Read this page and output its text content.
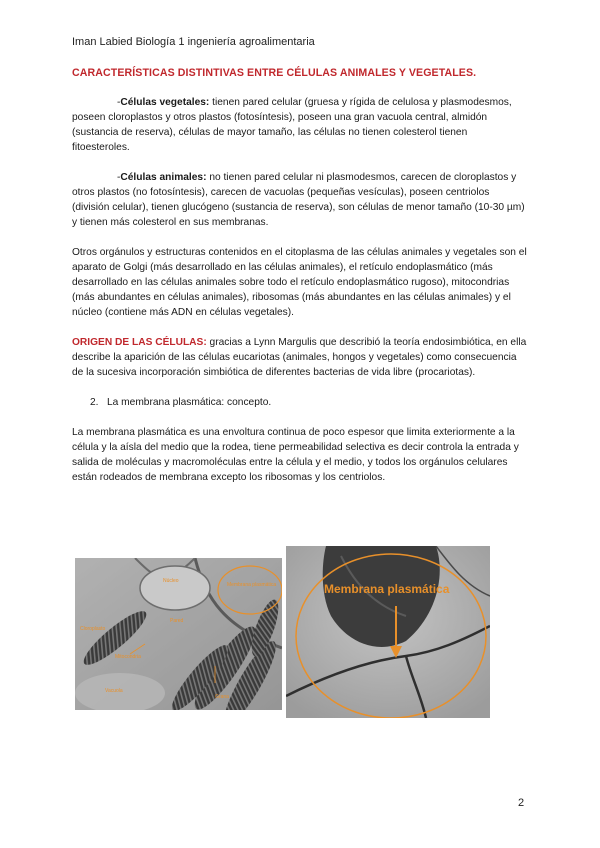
Iman Labied Biología 1 ingeniería agroalimentaria

CARACTERÍSTICAS DISTINTIVAS ENTRE CÉLULAS ANIMALES Y VEGETALES.

-Células vegetales: tienen pared celular (gruesa y rígida de celulosa y plasmodesmos, poseen cloroplastos y otros plastos (fotosíntesis), poseen una gran vacuola central, almidón (sustancia de reserva), células de mayor tamaño, las células no tienen colesterol tienen fitoesteroles.

-Células animales: no tienen pared celular ni plasmodesmos, carecen de cloroplastos y otros plastos (no fotosíntesis), carecen de vacuolas (pequeñas vesículas), poseen centriolos (división celular), tienen glucógeno (sustancia de reserva), son células de menor tamaño (10-30 µm) y tienen más colesterol en sus membranas.

Otros orgánulos y estructuras contenidos en el citoplasma de las células animales y vegetales son el aparato de Golgi (más desarrollado en las células animales), el retículo endoplasmático (más desarrollado en las células animales sobre todo el retículo endoplasmático rugoso), mitocondrias (más abundantes en células animales), ribosomas (más abundantes en las células animales) y el núcleo (contiene más ADN en células vegetales).

ORIGEN DE LAS CÉLULAS: gracias a Lynn Margulis que describió la teoría endosimbiótica, en ella describe la aparición de las células eucariotas (animales, hongos y vegetales) como consecuencia de la sucesiva incorporación simbiótica de diferentes bacterias de vida libre (procariotas).

2. La membrana plasmática: concepto.

La membrana plasmática es una envoltura continua de poco espesor que limita exteriormente a la célula y la aísla del medio que la rodea, tiene permeabilidad selectiva es decir controla la entrada y salida de moléculas y macromoléculas entre la célula y el medio, y todos los orgánulos celulares están rodeados de membrana excepto los ribosomas y los centriolos.

Membrana plasmática
Núcleo
Pared
Cloroplasto
Mitocondria
Vacuola
Grana
Membrana plasmática
2
